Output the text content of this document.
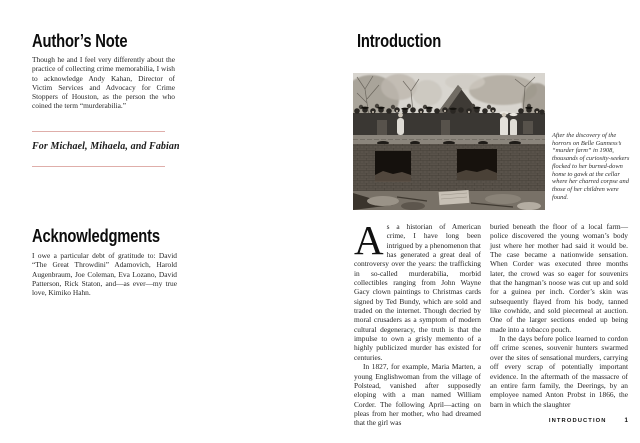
Author’s Note

Though he and I feel very differently about the practice of collecting crime memorabilia, I wish to acknowledge Andy Kahan, Director of Victim Services and Advocacy for Crime Stoppers of Houston, as the person the who coined the term “murderabilia.”

For Michael, Mihaela, and Fabian

Acknowledgments

I owe a particular debt of gratitude to: David “The Great Throwdini” Adamovich, Harold Augenbraum, Joe Coleman, Eva Lozano, David Patterson, Rick Staton, and—as ever—my true love, Kimiko Hahn.

Introduction
After the discovery of the horrors on Belle Gunness’s “murder farm” in 1908, thousands of curiosity-seekers flocked to her burned-down home to gawk at the cellar where her charred corpse and those of her children were found.

As a historian of American crime, I have long been intrigued by a phenomenon that has generated a great deal of controversy over the years: the trafficking in so-called murderabilia, morbid collectibles ranging from John Wayne Gacy clown paintings to Christmas cards signed by Ted Bundy, which are sold and traded on the internet. Though decried by moral crusaders as a symptom of modern cultural degeneracy, the truth is that the impulse to own a grisly memento of a highly publicized murder has existed for centuries.

In 1827, for example, Maria Marten, a young Englishwoman from the village of Polstead, vanished after supposedly eloping with a man named William Corder. The following April—acting on pleas from her mother, who had dreamed that the girl was

buried beneath the floor of a local farm—police discovered the young woman’s body just where her mother had said it would be. The case became a nationwide sensation. When Corder was executed three months later, the crowd was so eager for souvenirs that the hangman’s noose was cut up and sold for a guinea per inch. Corder’s skin was subsequently flayed from his body, tanned like cowhide, and sold piecemeal at auction. One of the larger sections ended up being made into a tobacco pouch.

In the days before police learned to cordon off crime scenes, souvenir hunters swarmed over the sites of sensational murders, carrying off every scrap of potentially important evidence. In the aftermath of the massacre of an entire farm family, the Deerings, by an employee named Anton Probst in 1866, the barn in which the slaughter

INTRODUCTION	1
